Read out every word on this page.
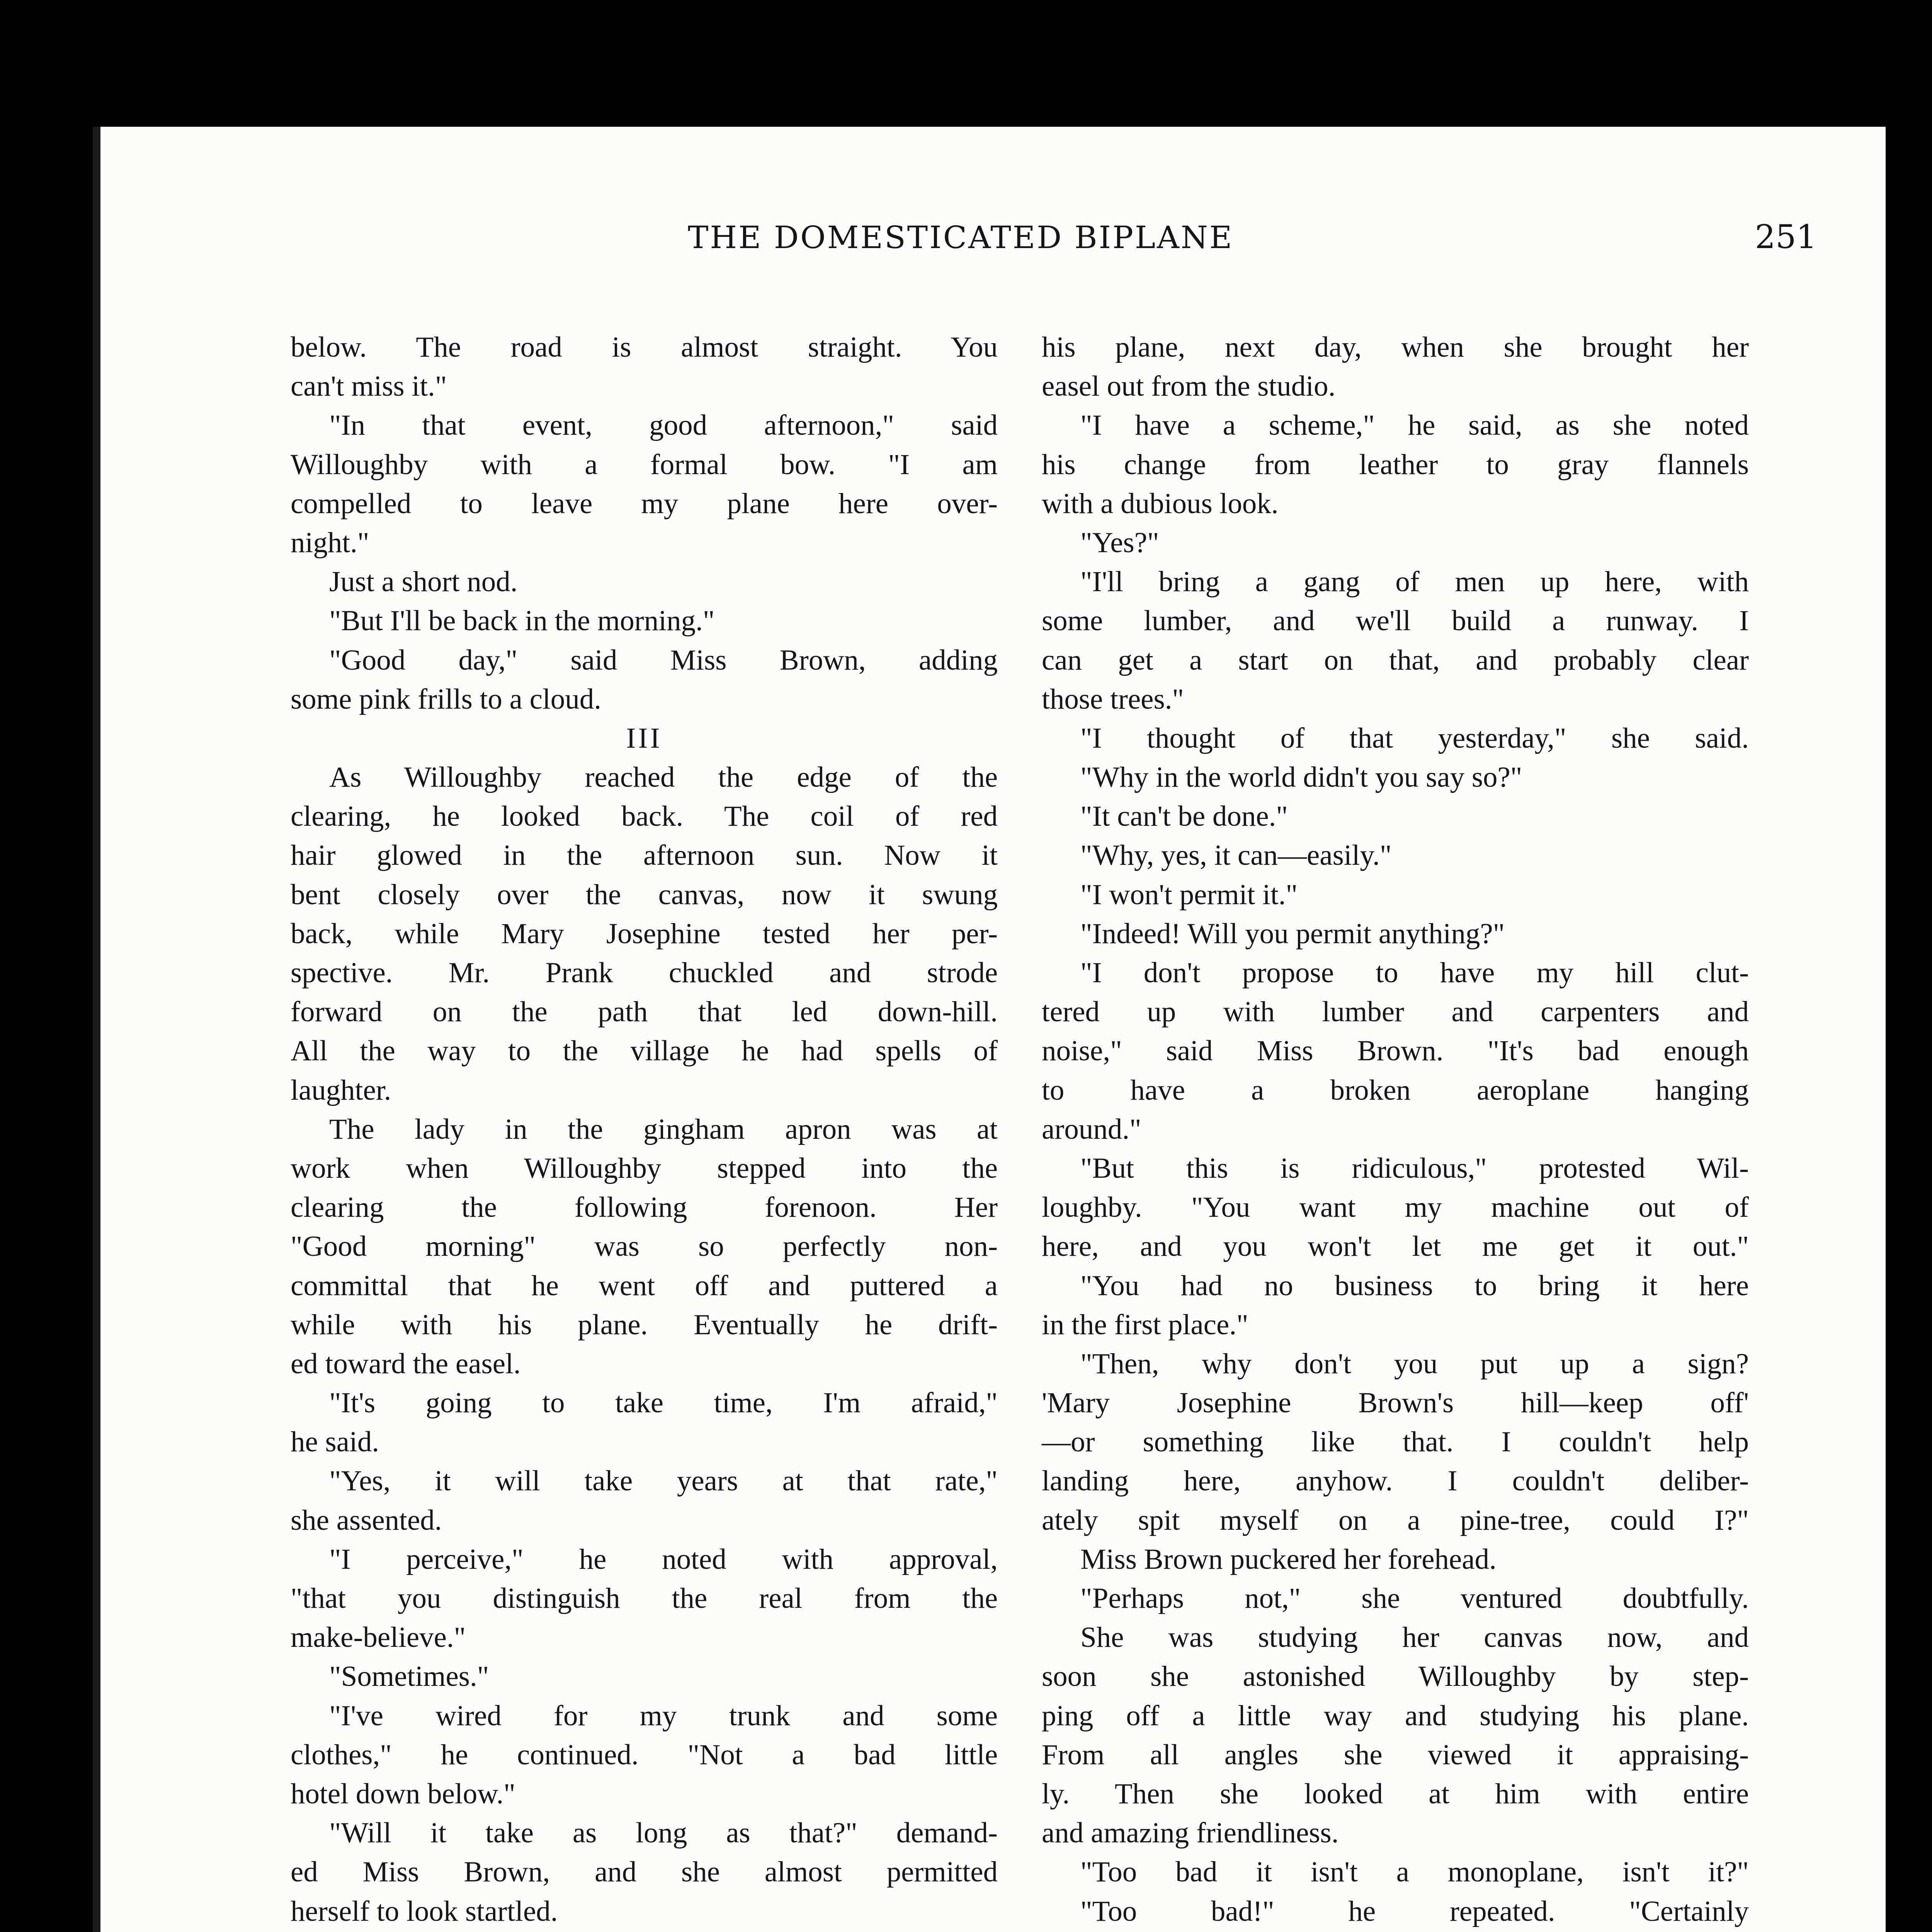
THE DOMESTICATED BIPLANE	251
below. The road is almost straight. You
can't miss it."
"In that event, good afternoon," said
Willoughby with a formal bow. "I am
compelled to leave my plane here over-
night."
Just a short nod.
"But I'll be back in the morning."
"Good day," said Miss Brown, adding
some pink frills to a cloud.
III
As Willoughby reached the edge of the
clearing, he looked back. The coil of red
hair glowed in the afternoon sun. Now it
bent closely over the canvas, now it swung
back, while Mary Josephine tested her per-
spective. Mr. Prank chuckled and strode
forward on the path that led down-hill.
All the way to the village he had spells of
laughter.
The lady in the gingham apron was at
work when Willoughby stepped into the
clearing the following forenoon. Her
"Good morning" was so perfectly non-
committal that he went off and puttered a
while with his plane. Eventually he drift-
ed toward the easel.
"It's going to take time, I'm afraid,"
he said.
"Yes, it will take years at that rate,"
she assented.
"I perceive," he noted with approval,
"that you distinguish the real from the
make-believe."
"Sometimes."
"I've wired for my trunk and some
clothes," he continued. "Not a bad little
hotel down below."
"Will it take as long as that?" demand-
ed Miss Brown, and she almost permitted
herself to look startled.
his plane, next day, when she brought her
easel out from the studio.
"I have a scheme," he said, as she noted
his change from leather to gray flannels
with a dubious look.
"Yes?"
"I'll bring a gang of men up here, with
some lumber, and we'll build a runway. I
can get a start on that, and probably clear
those trees."
"I thought of that yesterday," she said.
"Why in the world didn't you say so?"
"It can't be done."
"Why, yes, it can—easily."
"I won't permit it."
"Indeed! Will you permit anything?"
"I don't propose to have my hill clut-
tered up with lumber and carpenters and
noise," said Miss Brown. "It's bad enough
to have a broken aeroplane hanging
around."
"But this is ridiculous," protested Wil-
loughby. "You want my machine out of
here, and you won't let me get it out."
"You had no business to bring it here
in the first place."
"Then, why don't you put up a sign?
'Mary Josephine Brown's hill—keep off'
—or something like that. I couldn't help
landing here, anyhow. I couldn't deliber-
ately spit myself on a pine-tree, could I?"
Miss Brown puckered her forehead.
"Perhaps not," she ventured doubtfully.
She was studying her canvas now, and
soon she astonished Willoughby by step-
ping off a little way and studying his plane.
From all angles she viewed it appraising-
ly. Then she looked at him with entire
and amazing friendliness.
"Too bad it isn't a monoplane, isn't it?"
"Too bad!" he repeated. "Certainly
